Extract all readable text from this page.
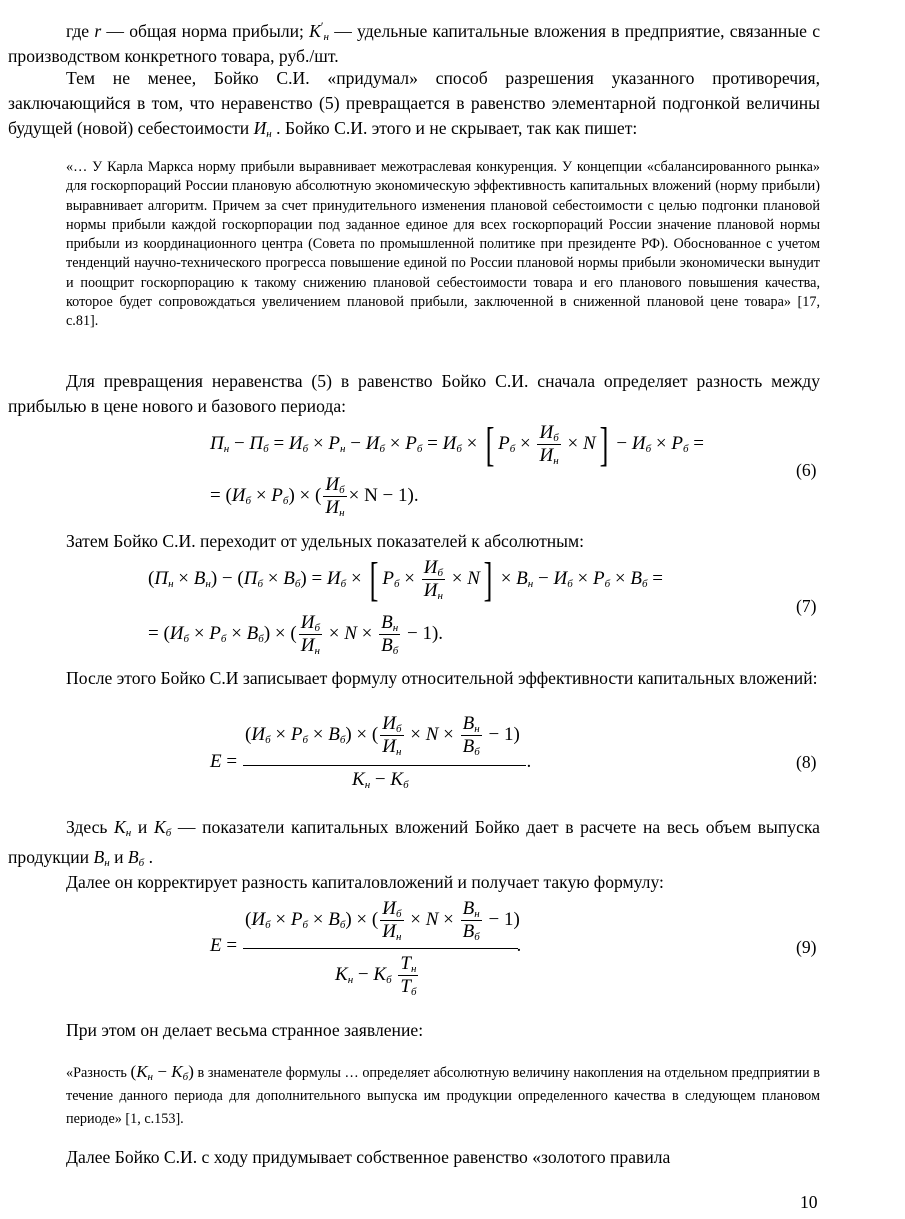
где r — общая норма прибыли; $K'_н$ — удельные капитальные вложения в предприятие, связанные с производством конкретного товара, руб./шт.

Тем не менее, Бойко С.И. «придумал» способ разрешения указанного противоречия, заключающийся в том, что неравенство (5) превращается в равенство элементарной подгонкой величины будущей (новой) себестоимости $И_н$ . Бойко С.И. этого и не скрывает, так как пишет:

«… У Карла Маркса норму прибыли выравнивает межотраслевая конкуренция. У концепции «сбалансированного рынка» для госкорпораций России плановую абсолютную экономическую эффективность капитальных вложений (норму прибыли) выравнивает алгоритм. Причем за счет принудительного изменения плановой себестоимости с целью подгонки плановой нормы прибыли каждой госкорпорации под заданное единое для всех госкорпораций России значение плановой нормы прибыли из координационного центра (Совета по промышленной политике при президенте РФ). Обоснованное с учетом тенденций научно-технического прогресса повышение единой по России плановой нормы прибыли экономически вынудит и поощрит госкорпорацию к такому снижению плановой себестоимости товара и его планового повышения качества, которое будет сопровождаться увеличением плановой прибыли, заключенной в сниженной плановой цене товара» [17, с.81].

Для превращения неравенства (5) в равенство Бойко С.И. сначала определяет разность между прибылью в цене нового и базового периода:

$П_н - П_б = И_б \times Р_н - И_б \times Р_б = И_б$ × [ $Р_б \times \frac{И_б}{И_н} \times N] - И_б \times Р_б$ =
= $(И_б \times Р_б)$ × ( $\frac{И_б}{И_н} \times N - 1$).
(6)

Затем Бойко С.И. переходит от удельных показателей к абсолютным:

$(П_н \times В_н) - (П_б \times В_б) = И_б$ × [ $Р_б \times \frac{И_б}{И_н} \times N] \times В_н - И_б \times Р_б \times В_б$ =
= $(И_б \times Р_б \times В_б)$ × ( $\frac{И_б}{И_н} \times N \times \frac{В_н}{В_б} - 1$).
(7)

После этого Бойко С.И записывает формулу относительной эффективности капитальных вложений:

$(И_б \times Р_б \times В_б)$ × ( $\frac{И_б}{И_н} \times N \times \frac{В_н}{В_б} - 1$)
E =	.
$K_н - K_б$
(8)

Здесь $K_н$ и $K_б$ — показатели капитальных вложений Бойко дает в расчете на весь объем выпуска продукции $В_н$ и $В_б$ .

Далее он корректирует разность капиталовложений и получает такую формулу:

$(И_б \times Р_б \times В_б)$ × ( $\frac{И_б}{И_н} \times N \times \frac{В_н}{В_б} - 1$)
E =	.
$K_н - K_б \frac{T_н}{T_б}$
(9)

При этом он делает весьма странное заявление:

«Разность $(K_н - K_б)$ в знаменателе формулы … определяет абсолютную величину накопления на отдельном предприятии в течение данного периода для дополнительного выпуска им продукции определенного качества в следующем плановом периоде» [1, с.153].

Далее Бойко С.И. с ходу придумывает собственное равенство «золотого правила

10
